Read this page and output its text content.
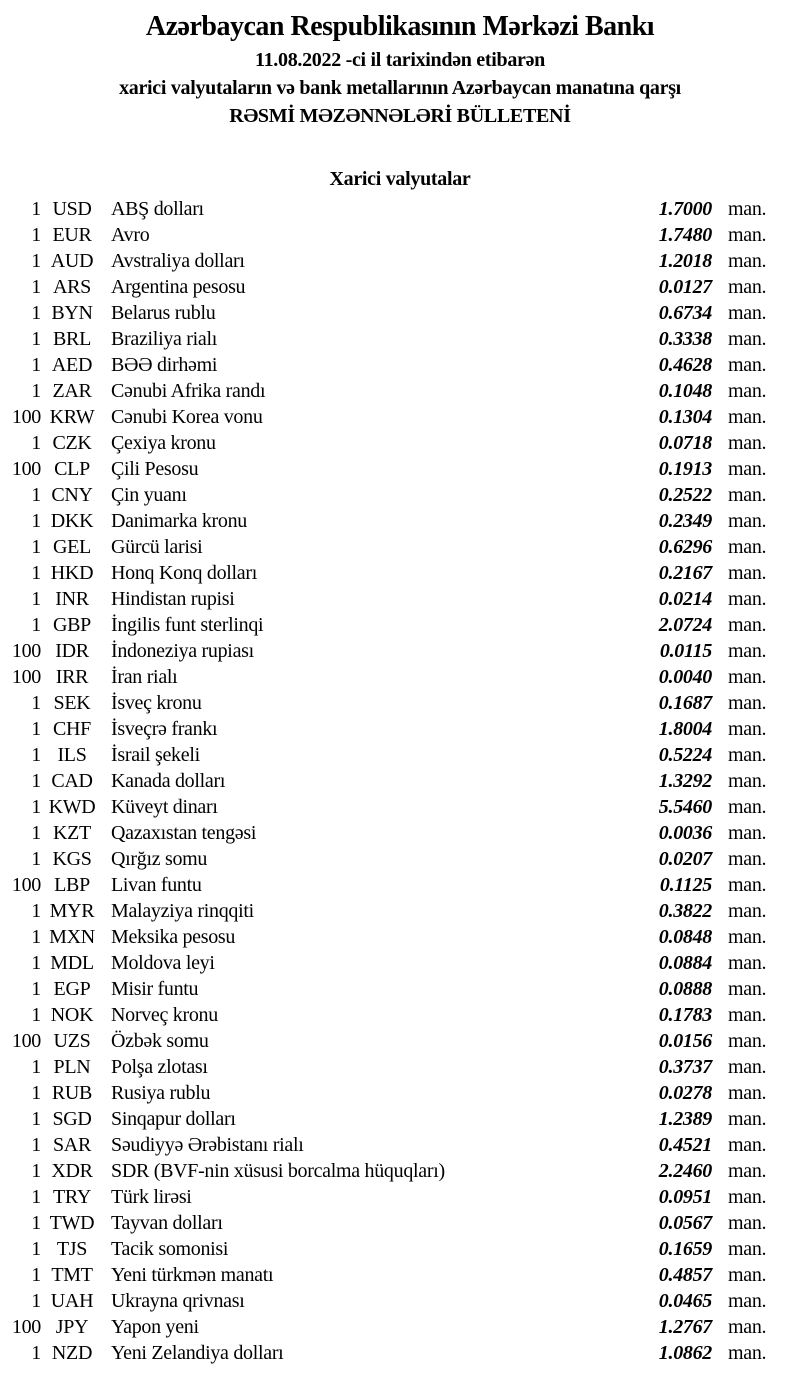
Azərbaycan Respublikasının Mərkəzi Bankı
11.08.2022 -ci il tarixindən etibarən
xarici valyutaların və bank metallarının Azərbaycan manatına qarşı
RƏSMİ MƏZƏNNƏLƏRİ BÜLLETENİ
Xarici valyutalar
1 USD ABŞ dolları	1.7000 man.
1 EUR Avro	1.7480 man.
1 AUD Avstraliya dolları	1.2018 man.
1 ARS	Argentina pesosu	0.0127 man.
1 BYN Belarus rublu	0.6734 man.
1 BRL	Braziliya rialı	0.3338 man.
1 AED BƏƏ dirhəmi	0.4628 man.
1 ZAR Cənubi Afrika randı	0.1048 man.
100 KRW Cənubi Korea vonu	0.1304 man.
1 CZK Çexiya kronu	0.0718 man.
100 CLP	Çili Pesosu	0.1913 man.
1 CNY Çin yuanı	0.2522 man.
1 DKK Danimarka kronu	0.2349 man.
1 GEL	Gürcü larisi	0.6296 man.
1 HKD Honq Konq dolları	0.2167 man.
1 INR	Hindistan rupisi	0.0214 man.
1 GBP	İngilis funt sterlinqi	2.0724 man.
100 IDR	İndoneziya rupiası	0.0115 man.
100 IRR	İran rialı	0.0040 man.
1 SEK	İsveç kronu	0.1687 man.
1 CHF	İsveçrə frankı	1.8004 man.
1 ILS	İsrail şekeli	0.5224 man.
1 CAD Kanada dolları	1.3292 man.
1 KWD Küveyt dinarı	5.5460 man.
1 KZT	Qazaxıstan tengəsi	0.0036 man.
1 KGS Qırğız somu	0.0207 man.
100 LBP	Livan funtu	0.1125 man.
1 MYR Malayziya rinqqiti	0.3822 man.
1 MXN Meksika pesosu	0.0848 man.
1 MDL Moldova leyi	0.0884 man.
1 EGP	Misir funtu	0.0888 man.
1 NOK Norveç kronu	0.1783 man.
100 UZS	Özbək somu	0.0156 man.
1 PLN	Polşa zlotası	0.3737 man.
1 RUB Rusiya rublu	0.0278 man.
1 SGD Sinqapur dolları	1.2389 man.
1 SAR	Səudiyyə Ərəbistanı rialı	0.4521 man.
1 XDR SDR (BVF-nin xüsusi borcalma hüquqları)	2.2460 man.
1 TRY	Türk lirəsi	0.0951 man.
1 TWD Tayvan dolları	0.0567 man.
1 TJS	Tacik somonisi	0.1659 man.
1 TMT Yeni türkmən manatı	0.4857 man.
1 UAH Ukrayna qrivnası	0.0465 man.
100 JPY	Yapon yeni	1.2767 man.
1 NZD Yeni Zelandiya dolları	1.0862 man.
